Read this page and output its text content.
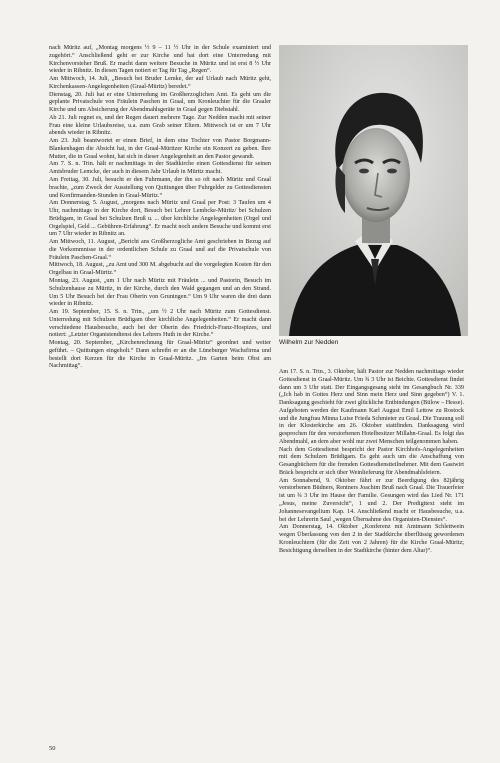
nach Müritz auf, „Montag morgens ½ 9 – 11 ½ Uhr in der Schule examiniert und zugehört.“ Anschließend geht er zur Kirche und hat dort eine Unterredung mit Kirchenvorsteher Bruß. Er macht dann weitere Besuche in Müritz und ist erst 8 ½ Uhr wieder in Ribnitz. In diesen Tagen notiert er Tag für Tag „Regen“.

Am Mittwoch, 14. Juli, „Besuch bei Bruder Lemke, der auf Urlaub nach Müritz geht, Kirchenkassen-Angelegenheiten (Graal-Müritz) beredet.“

Dienstag, 20. Juli hat er eine Unterredung im Großherzoglichen Amt. Es geht um die geplante Privatschule von Fräulein Paschen in Graal, um Kronleuchter für die Graaler Kirche und um Absicherung der Abendmahlsgeräte in Graal gegen Diebstahl.

Ab 21. Juli regnet es, und der Regen dauert mehrere Tage. Zur Nedden macht mit seiner Frau eine kleine Urlaubsreise, u.a. zum Grab seiner Eltern. Mittwoch ist er um 7 Uhr abends wieder in Ribnitz.

Am 23. Juli beantwortet er einen Brief, in dem eine Tochter von Pastor Borgmann-Blankenhagen die Absicht hat, in der Graal-Müritzer Kirche ein Konzert zu geben. Ihre Mutter, die in Graal wohnt, hat sich in dieser Angelegenheit an den Pastor gewandt.

Am 7. S. n. Trin. hält er nachmittags in der Stadtkirche einen Gottesdienst für seinen Amtsbruder Lemcke, der auch in diesem Jahr Urlaub in Müritz macht.

Am Freitag, 30. Juli, besucht er den Fuhrmann, der ihn so oft nach Müritz und Graal brachte, „zum Zweck der Ausstellung von Quittungen über Fuhrgelder zu Gottesdiensten und Konfirmanden-Stunden in Graal-Müritz.“

Am Donnerstag, 5. August, „morgens nach Müritz und Graal per Post: 3 Taufen um 4 Uhr, nachmittags in der Kirche dort, Besuch bei Lehrer Lembcke-Müritz/ bei Schulzen Brüdigam, in Graal bei Schulzen Bruß u. ... über kirchliche Angelegenheiten (Orgel und Orgelspiel, Geld ... Gebühren-Erfahrung“. Er macht noch andere Besuche und kommt erst um 7 Uhr wieder in Ribnitz an.

Am Mittwoch, 11. August, „Bericht ans Großherzogliche Amt geschrieben in Bezug auf die Vorkommnisse in der ordentlichen Schule zu Graal und auf die Privatschule von Fräulein Paschen-Graal.“

Mittwoch, 18. August, „zu Amt und 300 M. abgebucht auf die vorgelegten Kosten für den Orgelbau in Graal-Müritz.“

Montag, 23. August, „um 1 Uhr nach Müritz mit Fräulein ... und Pastorin, Besuch im Schulzenhause zu Müritz, in der Kirche, durch den Wald gegangen und an den Strand. Um 5 Uhr Besuch bei der Frau Oberin von Gruningen.“ Um 9 Uhr waren die drei dann wieder in Ribnitz.

Am 19. September, 15. S. n. Trin., „um ½ 2 Uhr nach Müritz zum Gottesdienst. Unterredung mit Schulzen Brüdigam über kirchliche Angelegenheiten.“ Er macht dann verschiedene Hausbesuche, auch bei der Oberin des Friedrich-Franz-Hospizes, und notiert: „Letzter Organistendienst des Lehrers Huth in der Kirche.“

Montag, 20. September, „Kirchenrechnung für Graal-Müritz“ geordnet und weiter geführt. – Quittungen eingeholt.“ Dann schreibt er an die Lüneburger Wachsfirma und bestellt dort Kerzen für die Kirche in Graal-Müritz. „Im Garten beim Obst am Nachmittag“.

Wilhelm zur Nedden

Am 17. S. n. Trin., 3. Oktober, hält Pastor zur Nedden nachmittags wieder Gottesdienst in Graal-Müritz. Um ¾ 3 Uhr ist Beichte. Gottesdienst findet dann um 3 Uhr statt. Der Eingangsgesang steht im Gesangbuch Nr. 339 („Ich hab in Gottes Herz und Sinn mein Herz und Sinn gegeben“) V. 1. Danksagung geschieht für zwei glückliche Entbindungen (Bülow – Hesse). Aufgeboten werden der Kaufmann Karl August Emil Lettow zu Rostock und die Jungfrau Minna Luise Frieda Schmieter zu Graal. Die Trauung soll in der Klosterkirche am 26. Oktober stattfinden. Danksagung wird gesprochen für den verstorbenen Hotelbesitzer Millahn-Graal. Es folgt das Abendmahl, an dem aber wohl nur zwei Menschen teilgenommen haben.

Nach dem Gottesdienst bespricht der Pastor Kirchhofs-Angelegenheiten mit dem Schulzen Brüdigam. Es geht auch um die Anschaffung von Gesangbüchern für die fremden Gottesdienstteilnehmer. Mit dem Gastwirt Bräck bespricht er sich über Weinlieferung für Abendmahlsfeiern.

Am Sonnabend, 9. Oktober fährt er zur Beerdigung des 82jährig verstorbenen Büdners, Rentners Joachim Bruß nach Graal. Die Trauerfeier ist um ¾ 3 Uhr im Hause der Familie. Gesungen wird das Lied Nr. 171 „Jesus, meine Zuversicht“, 1 und 2. Der Predigttext steht im Johannesevangelium Kap. 14. Anschließend macht er Hausbesuche, u.a. bei der Lehrerin Saul „wegen Übernahme des Organisten-Dienstes“.

Am Donnerstag, 14. Oktober „Konferenz mit Amtmann Schlettwein wegen Überlassung von den 2 in der Stadtkirche überflüssig gewordenen Kronleuchtern (für die Zeit von 2 Jahren) für die Kirche Graal-Müritz; Besichtigung derselben in der Stadtkirche (hinter dem Altar)“.

50
